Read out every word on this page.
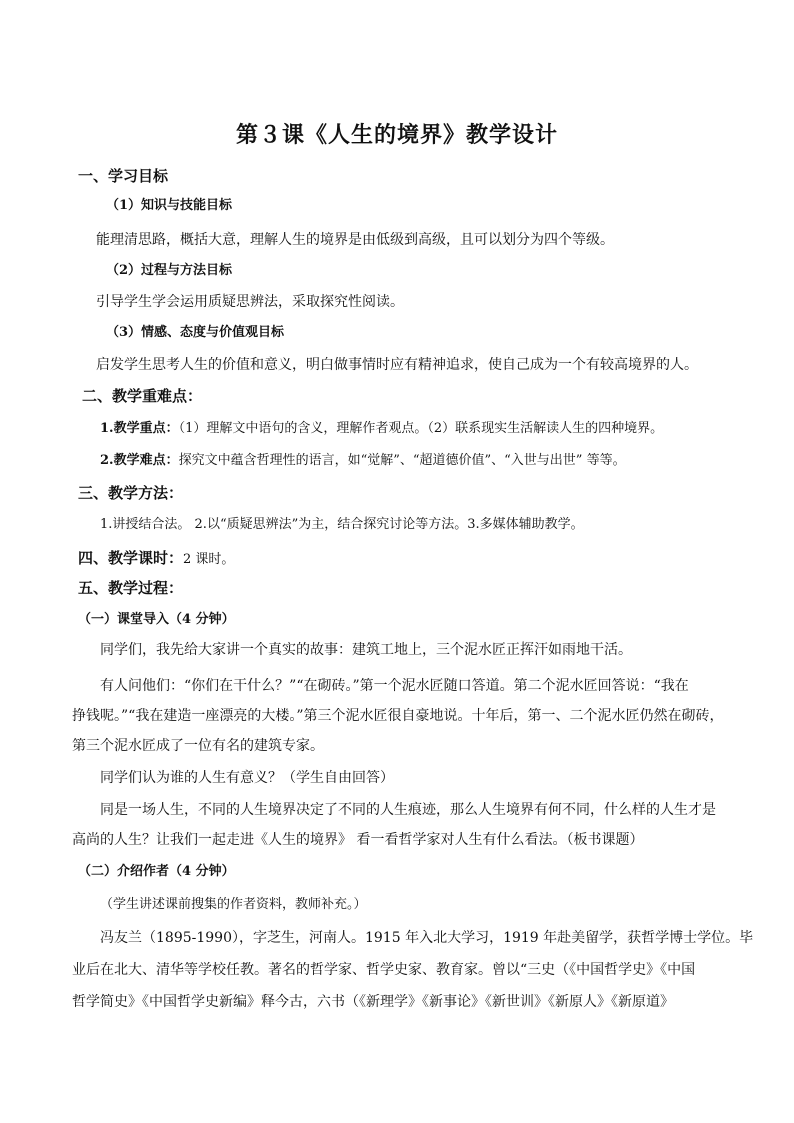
第３课《人生的境界》教学设计
一、学习目标
（1）知识与技能目标
能理清思路，概括大意，理解人生的境界是由低级到高级，且可以划分为四个等级。
（2）过程与方法目标
引导学生学会运用质疑思辨法，采取探究性阅读。
（3）情感、态度与价值观目标
启发学生思考人生的价值和意义，明白做事情时应有精神追求，使自己成为一个有较高境界的人。
二、教学重难点：
1.教学重点：（1）理解文中语句的含义，理解作者观点。（2）联系现实生活解读人生的四种境界。
2.教学难点：探究文中蕴含哲理性的语言，如“觉解”、“超道德价值”、“入世与出世” 等等。
三、教学方法：
1.讲授结合法。 2.以“质疑思辨法”为主，结合探究讨论等方法。3.多媒体辅助教学。
四、教学课时：2 课时。
五、教学过程：
（一）课堂导入（4 分钟）
同学们，我先给大家讲一个真实的故事：建筑工地上，三个泥水匠正挥汗如雨地干活。
有人问他们：“你们在干什么？”“在砌砖。”第一个泥水匠随口答道。第二个泥水匠回答说：“我在
挣钱呢。”“我在建造一座漂亮的大楼。”第三个泥水匠很自豪地说。十年后，第一、二个泥水匠仍然在砌砖，
第三个泥水匠成了一位有名的建筑专家。
同学们认为谁的人生有意义？（学生自由回答）
同是一场人生，不同的人生境界决定了不同的人生痕迹，那么人生境界有何不同，什么样的人生才是
高尚的人生？让我们一起走进《人生的境界》 看一看哲学家对人生有什么看法。（板书课题）
（二）介绍作者（4 分钟）
（学生讲述课前搜集的作者资料，教师补充。）
冯友兰（1895-1990），字芝生，河南人。1915 年入北大学习，1919 年赴美留学，获哲学博士学位。毕
业后在北大、清华等学校任教。著名的哲学家、哲学史家、教育家。曾以“三史（《中国哲学史》《中国
哲学简史》《中国哲学史新编》释今古，六书（《新理学》《新事论》《新世训》《新原人》《新原道》
